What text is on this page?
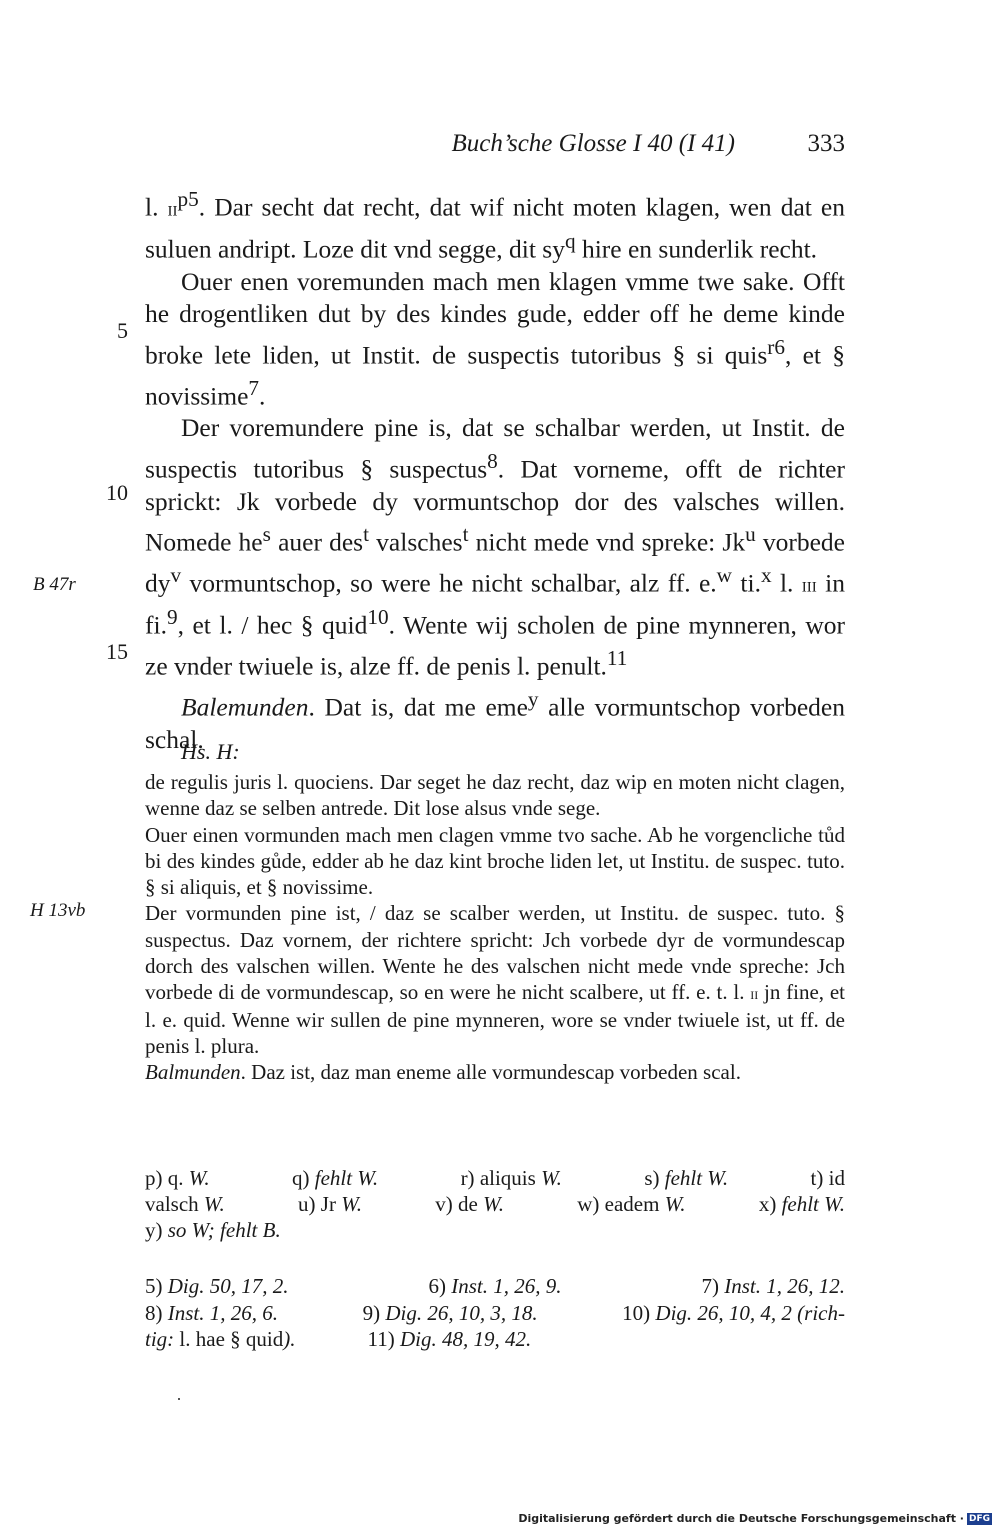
Buch’sche Glosse I 40 (I 41)	333
5
10
15
B 47r
H 13vb

l. $ii^{p5}$. Dar secht dat recht, dat wif nicht moten klagen, wen dat en suluen andript. Loze dit vnd segge, dit $sy^q$ hire en sunderlik recht.

Ouer enen voremunden mach men klagen vmme twe sake. Offt he drogentliken dut by des kindes gude, edder off he deme kinde broke lete liden, ut Instit. de suspectis tutoribus § si quis$^{r6}$, et § novissime$^7$.

Der voremundere pine is, dat se schalbar werden, ut Instit. de suspectis tutoribus § suspectus$^8$. Dat vorneme, offt de richter sprickt: Jk vorbede dy vormuntschop dor des valsches willen. Nomede $he^s$ auer des$^t$ valsches$^t$ nicht mede vnd spreke: Jk$^u$ vorbede $dy^v$ vormuntschop, so were he nicht schalbar, alz ff. e.$^w$ ti.$^x$ l. iii in fi.$^9$, et l. / hec § quid$^{10}$. Wente wij scholen de pine mynneren, wor ze vnder twiuele is, alze ff. de penis l. penult.$^{11}$

Balemunden. Dat is, dat me eme$^y$ alle vormuntschop vorbeden schal.

Hs. H:

de regulis juris l. quociens. Dar seget he daz recht, daz wip en moten nicht clagen, wenne daz se selben antrede. Dit lose alsus vnde sege.

Ouer einen vormunden mach men clagen vmme tvo sache. Ab he vorgencliche tůd bi des kindes gůde, edder ab he daz kint broche liden let, ut Institu. de suspec. tuto. § si aliquis, et § novissime.

Der vormunden pine ist, / daz se scalber werden, ut Institu. de suspec. tuto. § suspectus. Daz vornem, der richtere spricht: Jch vorbede dyr de vormundescap dorch des valschen willen. Wente he des valschen nicht mede vnde spreche: Jch vorbede di de vormundescap, so en were he nicht scalbere, ut ff. e. t. l. ii jn fine, et l. e. quid. Wenne wir sullen de pine mynneren, wore se vnder twiuele ist, ut ff. de penis l. plura.

Balmunden. Daz ist, daz man eneme alle vormundescap vorbeden scal.

p) q. W.	q) fehlt W.	r) aliquis W.	s) fehlt W.	t) id
valsch W.	u) Jr W.	v) de W.	w) eadem W.	x) fehlt W.
y) so W; fehlt B.
5) Dig. 50, 17, 2.	6) Inst. 1, 26, 9.	7) Inst. 1, 26, 12.
8) Inst. 1, 26, 6.	9) Dig. 26, 10, 3, 18.	10) Dig. 26, 10, 4, 2 (rich-
tig: l. hae § quid).	11) Dig. 48, 19, 42.
Digitalisierung gefördert durch die Deutsche Forschungsgemeinschaft · DFG
